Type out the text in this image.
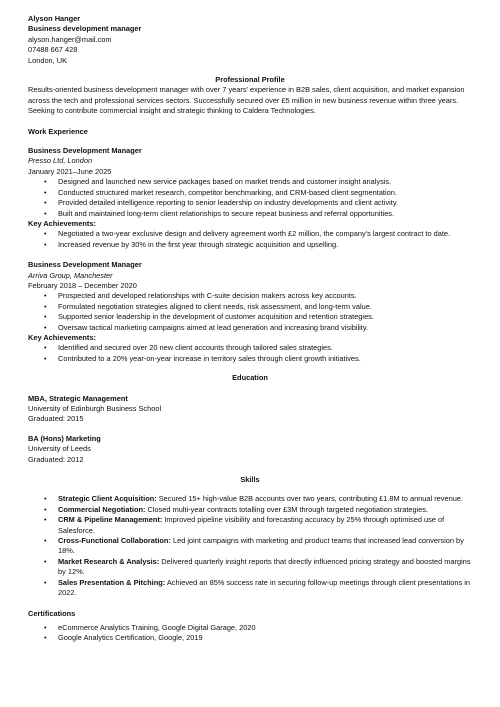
Alyson Hanger
Business development manager
alyson.hanger@mail.com
07488 667 428
London, UK
Professional Profile
Results-oriented business development manager with over 7 years' experience in B2B sales, client acquisition, and market expansion across the tech and professional services sectors. Successfully secured over £5 million in new business revenue within three years. Seeking to contribute commercial insight and strategic thinking to Caldera Technologies.
Work Experience
Business Development Manager
Presso Ltd, London
January 2021–June 2025
• Designed and launched new service packages based on market trends and customer insight analysis.
• Conducted structured market research, competitor benchmarking, and CRM-based client segmentation.
• Provided detailed intelligence reporting to senior leadership on industry developments and client activity.
• Built and maintained long-term client relationships to secure repeat business and referral opportunities.
Key Achievements:
• Negotiated a two-year exclusive design and delivery agreement worth £2 million, the company's largest contract to date.
• Increased revenue by 30% in the first year through strategic acquisition and upselling.
Business Development Manager
Arriva Group, Manchester
February 2018 – December 2020
• Prospected and developed relationships with C-suite decision makers across key accounts.
• Formulated negotiation strategies aligned to client needs, risk assessment, and long-term value.
• Supported senior leadership in the development of customer acquisition and retention strategies.
• Oversaw tactical marketing campaigns aimed at lead generation and increasing brand visibility.
Key Achievements:
• Identified and secured over 20 new client accounts through tailored sales strategies.
• Contributed to a 20% year-on-year increase in territory sales through client growth initiatives.
Education
MBA, Strategic Management
University of Edinburgh Business School
Graduated: 2015
BA (Hons) Marketing
University of Leeds
Graduated: 2012
Skills
• Strategic Client Acquisition: Secured 15+ high-value B2B accounts over two years, contributing £1.8M to annual revenue.
• Commercial Negotiation: Closed multi-year contracts totalling over £3M through targeted negotiation strategies.
• CRM & Pipeline Management: Improved pipeline visibility and forecasting accuracy by 25% through optimised use of Salesforce.
• Cross-Functional Collaboration: Led joint campaigns with marketing and product teams that increased lead conversion by 18%.
• Market Research & Analysis: Delivered quarterly insight reports that directly influenced pricing strategy and boosted margins by 12%.
• Sales Presentation & Pitching: Achieved an 85% success rate in securing follow-up meetings through client presentations in 2022.
Certifications
• eCommerce Analytics Training, Google Digital Garage, 2020
• Google Analytics Certification, Google, 2019
